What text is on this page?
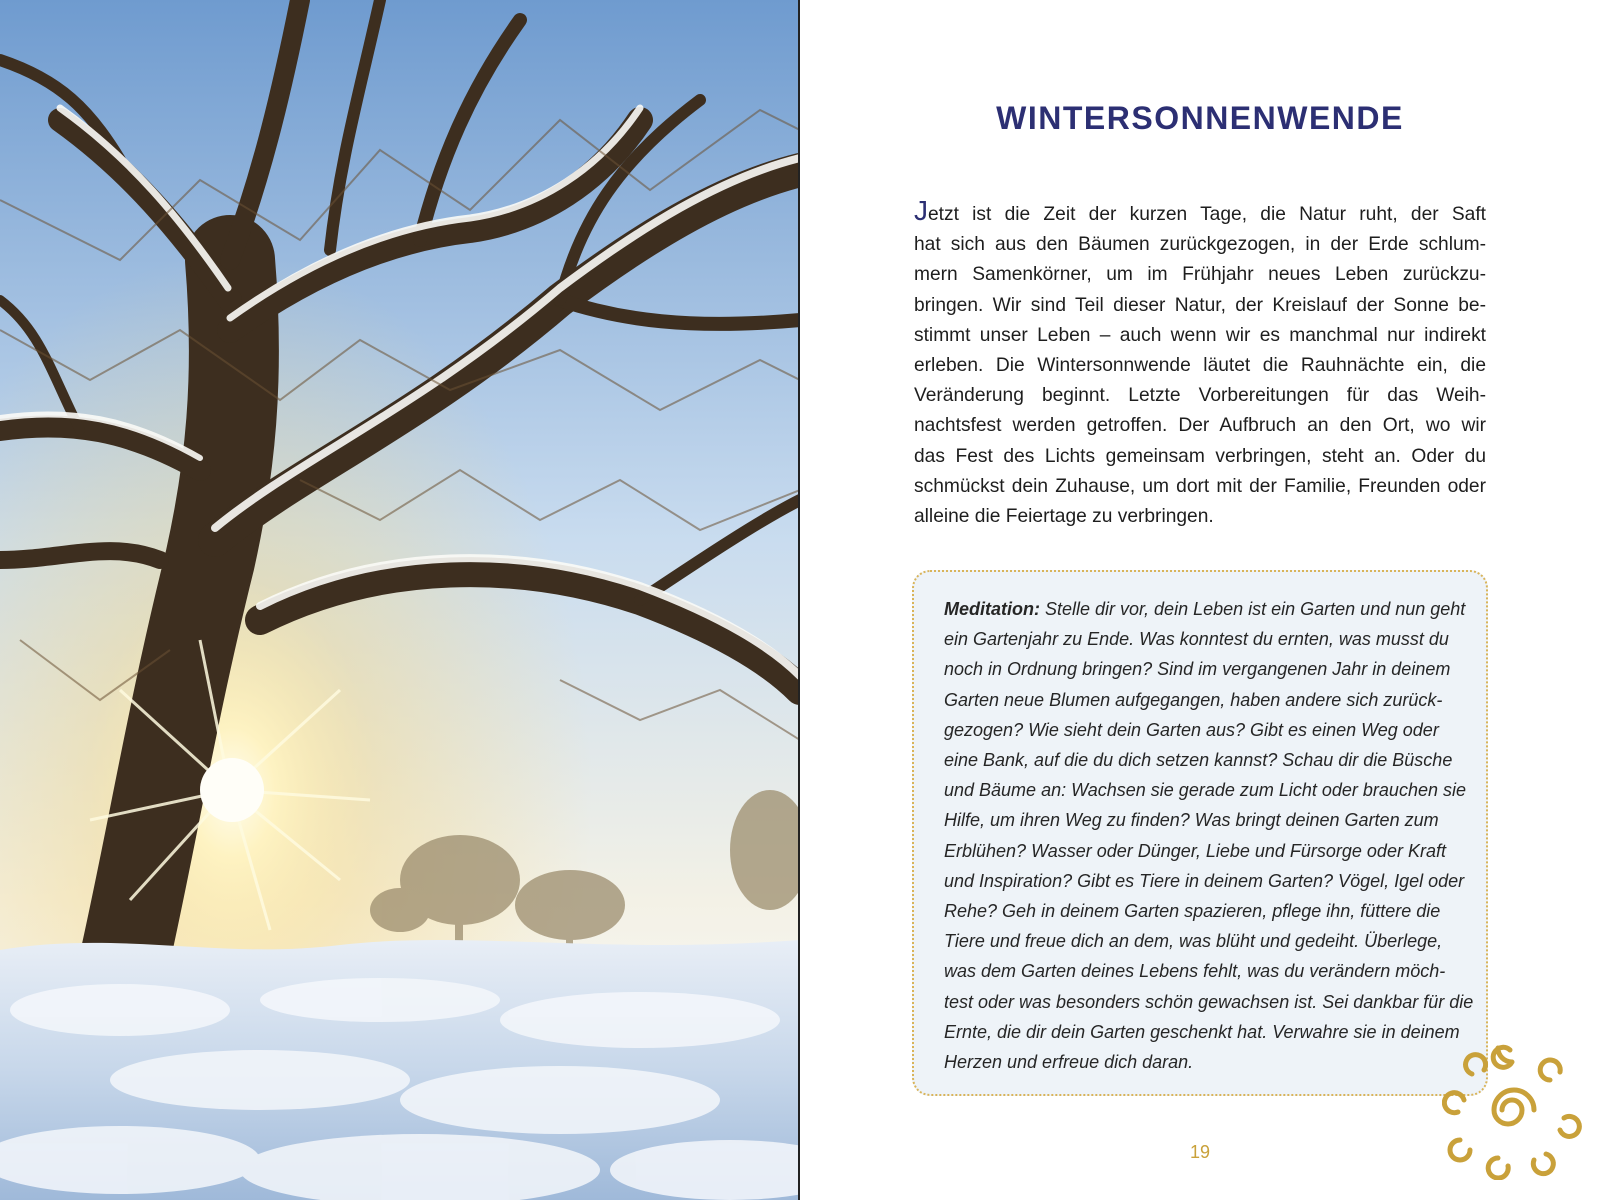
WINTERSONNENWENDE
Jetzt ist die Zeit der kurzen Tage, die Natur ruht, der Saft
hat sich aus den Bäumen zurückgezogen, in der Erde schlum-
mern Samenkörner, um im Frühjahr neues Leben zurückzu-
bringen. Wir sind Teil dieser Natur, der Kreislauf der Sonne be-
stimmt unser Leben – auch wenn wir es manchmal nur indirekt
erleben. Die Wintersonnwende läutet die Rauhnächte ein, die
Veränderung beginnt. Letzte Vorbereitungen für das Weih-
nachtsfest werden getroffen. Der Aufbruch an den Ort, wo wir
das Fest des Lichts gemeinsam verbringen, steht an. Oder du
schmückst dein Zuhause, um dort mit der Familie, Freunden oder
alleine die Feiertage zu verbringen.
Meditation: Stelle dir vor, dein Leben ist ein Garten und nun geht
ein Gartenjahr zu Ende. Was konntest du ernten, was musst du
noch in Ordnung bringen? Sind im vergangenen Jahr in deinem
Garten neue Blumen aufgegangen, haben andere sich zurück-
gezogen? Wie sieht dein Garten aus? Gibt es einen Weg oder
eine Bank, auf die du dich setzen kannst? Schau dir die Büsche
und Bäume an: Wachsen sie gerade zum Licht oder brauchen sie
Hilfe, um ihren Weg zu finden? Was bringt deinen Garten zum
Erblühen? Wasser oder Dünger, Liebe und Fürsorge oder Kraft
und Inspiration? Gibt es Tiere in deinem Garten? Vögel, Igel oder
Rehe? Geh in deinem Garten spazieren, pflege ihn, füttere die
Tiere und freue dich an dem, was blüht und gedeiht. Überlege,
was dem Garten deines Lebens fehlt, was du verändern möch-
test oder was besonders schön gewachsen ist. Sei dankbar für die
Ernte, die dir dein Garten geschenkt hat. Verwahre sie in deinem
Herzen und erfreue dich daran.

19
